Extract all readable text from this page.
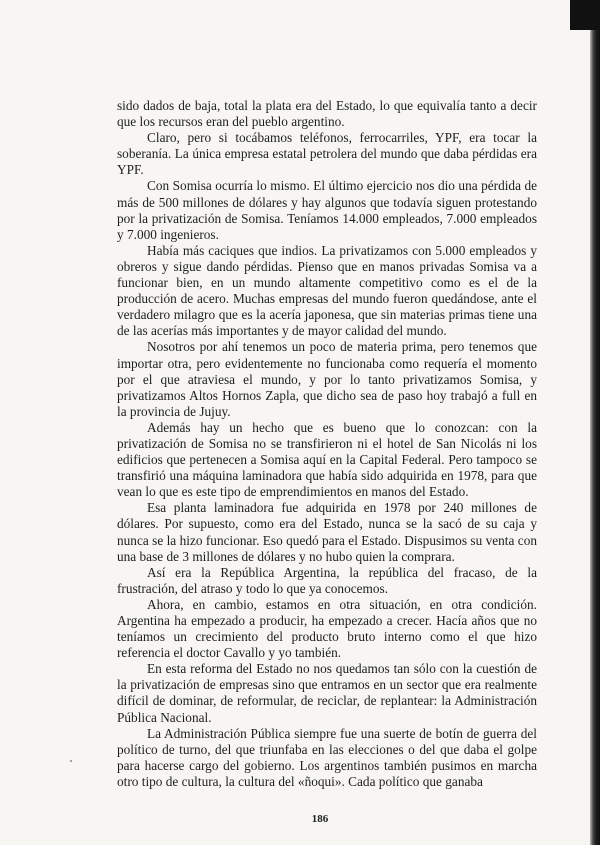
sido dados de baja, total la plata era del Estado, lo que equivalía tanto a decir que los recursos eran del pueblo argentino.

Claro, pero si tocábamos teléfonos, ferrocarriles, YPF, era tocar la soberanía. La única empresa estatal petrolera del mundo que daba pérdidas era YPF.

Con Somisa ocurría lo mismo. El último ejercicio nos dio una pérdida de más de 500 millones de dólares y hay algunos que todavía siguen protestando por la privatización de Somisa. Teníamos 14.000 empleados, 7.000 empleados y 7.000 ingenieros.

Había más caciques que indios. La privatizamos con 5.000 empleados y obreros y sigue dando pérdidas. Pienso que en manos privadas Somisa va a funcionar bien, en un mundo altamente competitivo como es el de la producción de acero. Muchas empresas del mundo fueron quedándose, ante el verdadero milagro que es la acería japonesa, que sin materias primas tiene una de las acerías más importantes y de mayor calidad del mundo.

Nosotros por ahí tenemos un poco de materia prima, pero tenemos que importar otra, pero evidentemente no funcionaba como requería el momento por el que atraviesa el mundo, y por lo tanto privatizamos Somisa, y privatizamos Altos Hornos Zapla, que dicho sea de paso hoy trabajó a full en la provincia de Jujuy.

Además hay un hecho que es bueno que lo conozcan: con la privatización de Somisa no se transfirieron ni el hotel de San Nicolás ni los edificios que pertenecen a Somisa aquí en la Capital Federal. Pero tampoco se transfirió una máquina laminadora que había sido adquirida en 1978, para que vean lo que es este tipo de emprendimientos en manos del Estado.

Esa planta laminadora fue adquirida en 1978 por 240 millones de dólares. Por supuesto, como era del Estado, nunca se la sacó de su caja y nunca se la hizo funcionar. Eso quedó para el Estado. Dispusimos su venta con una base de 3 millones de dólares y no hubo quien la comprara.

Así era la República Argentina, la república del fracaso, de la frustración, del atraso y todo lo que ya conocemos.

Ahora, en cambio, estamos en otra situación, en otra condición. Argentina ha empezado a producir, ha empezado a crecer. Hacía años que no teníamos un crecimiento del producto bruto interno como el que hizo referencia el doctor Cavallo y yo también.

En esta reforma del Estado no nos quedamos tan sólo con la cuestión de la privatización de empresas sino que entramos en un sector que era realmente difícil de dominar, de reformular, de reciclar, de replantear: la Administración Pública Nacional.

La Administración Pública siempre fue una suerte de botín de guerra del político de turno, del que triunfaba en las elecciones o del que daba el golpe para hacerse cargo del gobierno. Los argentinos también pusimos en marcha otro tipo de cultura, la cultura del «ñoqui». Cada político que ganaba

186
